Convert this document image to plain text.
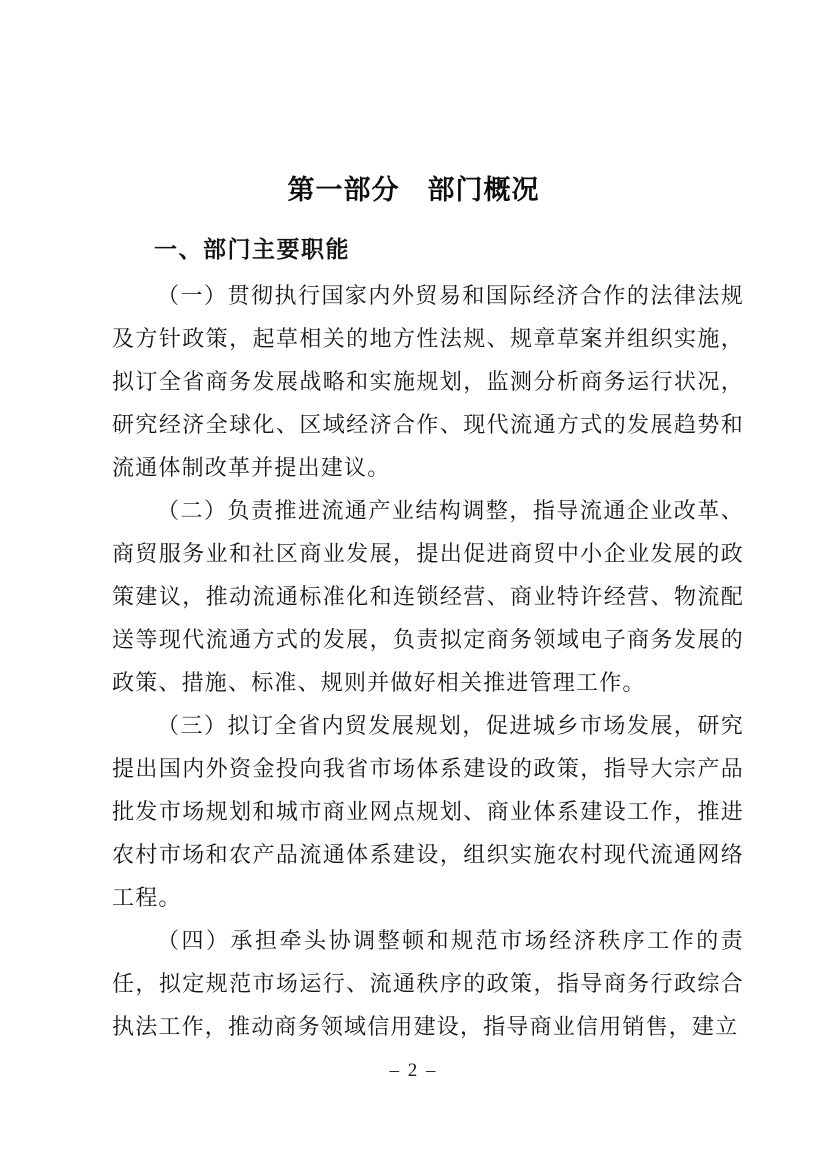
第一部分　部门概况
一、部门主要职能

（一）贯彻执行国家内外贸易和国际经济合作的法律法规及方针政策，起草相关的地方性法规、规章草案并组织实施，拟订全省商务发展战略和实施规划，监测分析商务运行状况，研究经济全球化、区域经济合作、现代流通方式的发展趋势和流通体制改革并提出建议。

（二）负责推进流通产业结构调整，指导流通企业改革、商贸服务业和社区商业发展，提出促进商贸中小企业发展的政策建议，推动流通标准化和连锁经营、商业特许经营、物流配送等现代流通方式的发展，负责拟定商务领域电子商务发展的政策、措施、标准、规则并做好相关推进管理工作。

（三）拟订全省内贸发展规划，促进城乡市场发展，研究提出国内外资金投向我省市场体系建设的政策，指导大宗产品批发市场规划和城市商业网点规划、商业体系建设工作，推进农村市场和农产品流通体系建设，组织实施农村现代流通网络工程。

（四）承担牵头协调整顿和规范市场经济秩序工作的责任，拟定规范市场运行、流通秩序的政策，指导商务行政综合执法工作，推动商务领域信用建设，指导商业信用销售，建立

– 2 –
